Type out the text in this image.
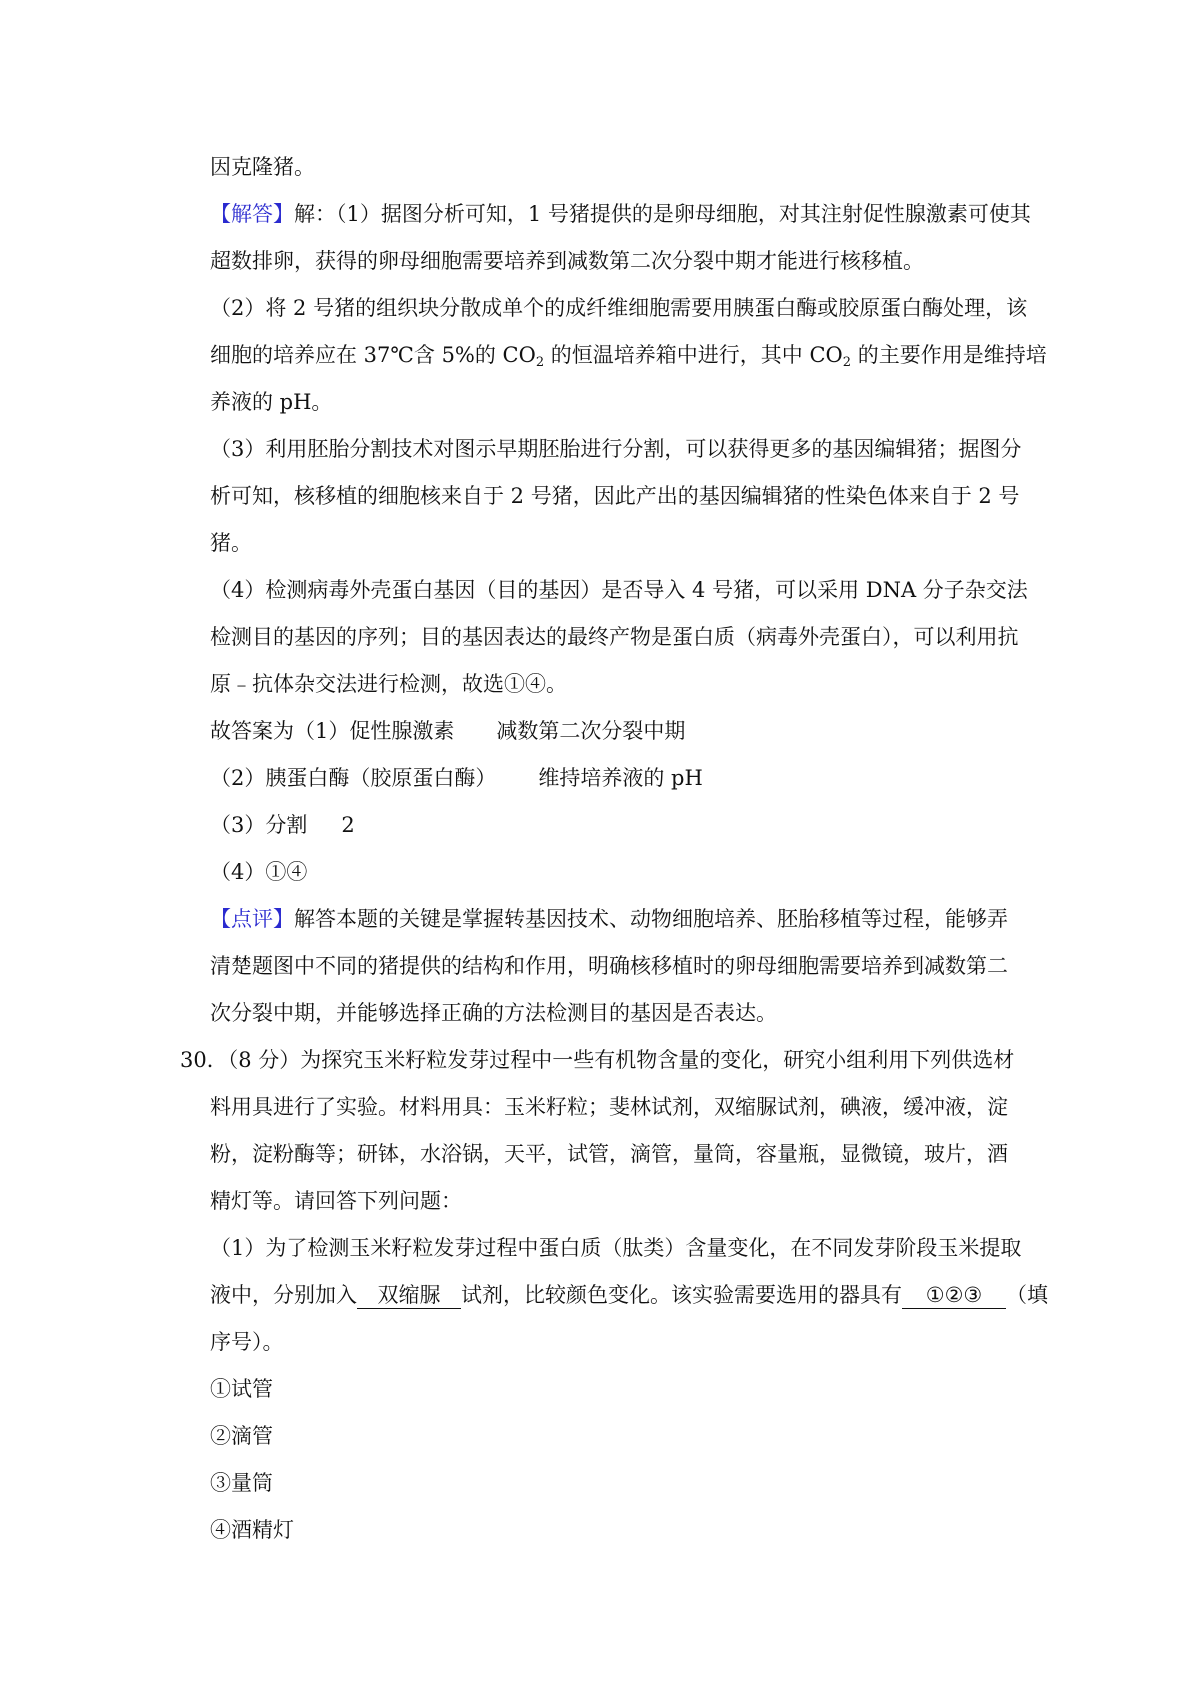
因克隆猪。
【解答】解：（1）据图分析可知，1 号猪提供的是卵母细胞，对其注射促性腺激素可使其
超数排卵，获得的卵母细胞需要培养到减数第二次分裂中期才能进行核移植。
（2）将 2 号猪的组织块分散成单个的成纤维细胞需要用胰蛋白酶或胶原蛋白酶处理，该
细胞的培养应在 37℃含 5%的 $CO_2$ 的恒温培养箱中进行，其中 $CO_2$ 的主要作用是维持培
养液的 pH。
（3）利用胚胎分割技术对图示早期胚胎进行分割，可以获得更多的基因编辑猪；据图分
析可知，核移植的细胞核来自于 2 号猪，因此产出的基因编辑猪的性染色体来自于 2 号
猪。
（4）检测病毒外壳蛋白基因（目的基因）是否导入 4 号猪，可以采用 DNA 分子杂交法
检测目的基因的序列；目的基因表达的最终产物是蛋白质（病毒外壳蛋白），可以利用抗
原﹣抗体杂交法进行检测，故选①④。
故答案为（1）促性腺激素 减数第二次分裂中期
（2）胰蛋白酶（胶原蛋白酶） 维持培养液的 pH
（3）分割 2
（4）①④
【点评】解答本题的关键是掌握转基因技术、动物细胞培养、胚胎移植等过程，能够弄
清楚题图中不同的猪提供的结构和作用，明确核移植时的卵母细胞需要培养到减数第二
次分裂中期，并能够选择正确的方法检测目的基因是否表达。
30．（8 分）为探究玉米籽粒发芽过程中一些有机物含量的变化，研究小组利用下列供选材
料用具进行了实验。材料用具：玉米籽粒；斐林试剂，双缩脲试剂，碘液，缓冲液，淀
粉，淀粉酶等；研钵，水浴锅，天平，试管，滴管，量筒，容量瓶，显微镜，玻片，酒
精灯等。请回答下列问题：
（1）为了检测玉米籽粒发芽过程中蛋白质（肽类）含量变化，在不同发芽阶段玉米提取
液中，分别加入 双缩脲 试剂，比较颜色变化。该实验需要选用的器具有 ①②③ （填
序号）。
①试管
②滴管
③量筒
④酒精灯
